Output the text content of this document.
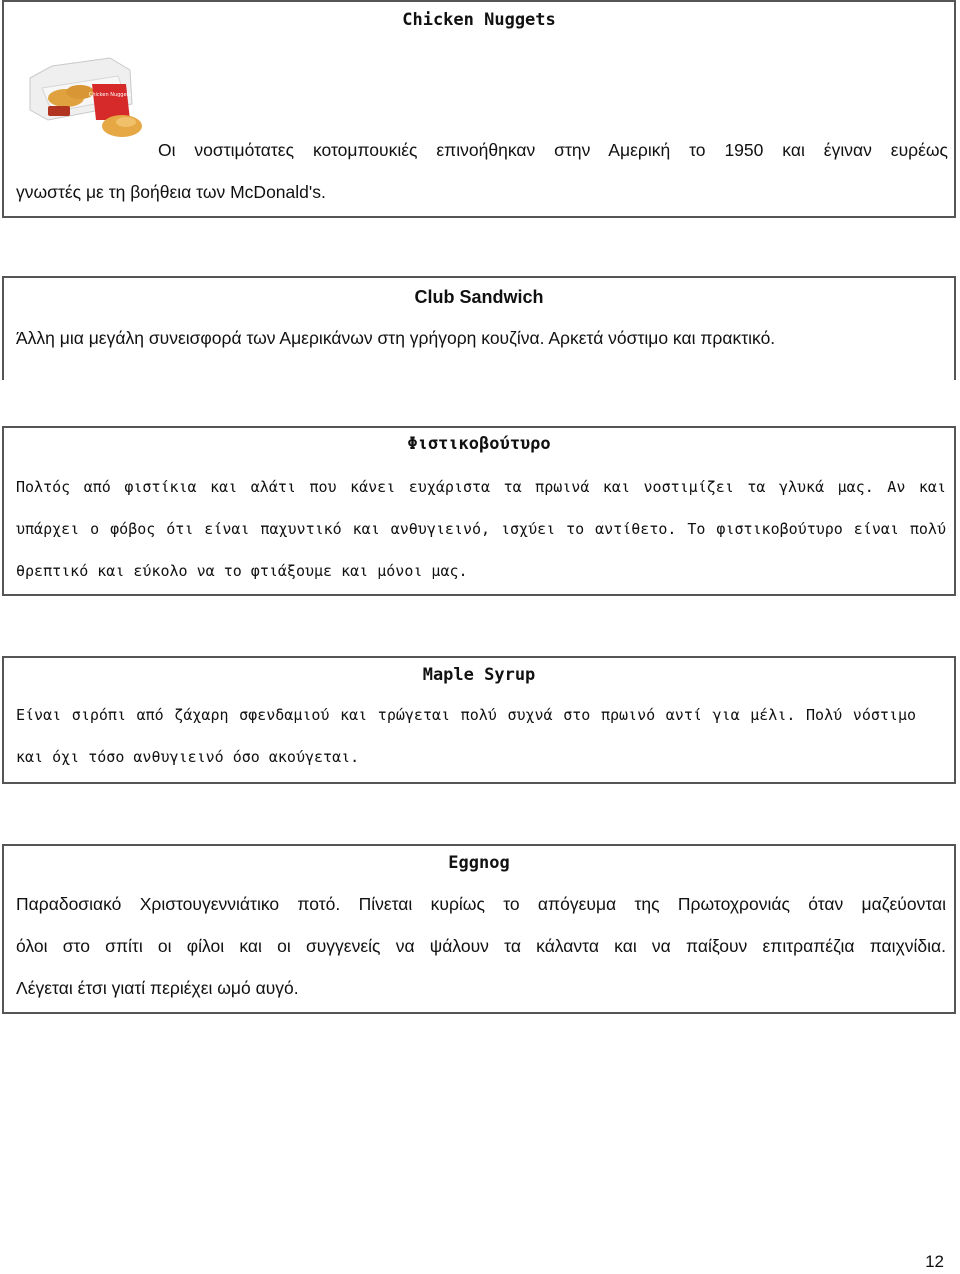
Chicken Nuggets
Chicken Nuggets
Οι νοστιμότατες κοτομπουκιές επινοήθηκαν στην Αμερική το 1950 και έγιναν ευρέως
γνωστές με τη βοήθεια των McDonald's.
Club Sandwich
Άλλη μια μεγάλη συνεισφορά των Αμερικάνων στη γρήγορη κουζίνα. Αρκετά νόστιμο και πρακτικό.
Φιστικοβούτυρο
Πολτός από φιστίκια και αλάτι που κάνει ευχάριστα τα πρωινά και νοστιμίζει τα γλυκά μας. Αν και
υπάρχει ο φόβος ότι είναι παχυντικό και ανθυγιεινό, ισχύει το αντίθετο. Το φιστικοβούτυρο είναι πολύ
θρεπτικό και εύκολο να το φτιάξουμε και μόνοι μας.
Maple Syrup
Είναι σιρόπι από ζάχαρη σφενδαμιού και τρώγεται πολύ συχνά στο πρωινό αντί για μέλι. Πολύ νόστιμο
και όχι τόσο ανθυγιεινό όσο ακούγεται.
Eggnog
Παραδοσιακό Χριστουγεννιάτικο ποτό. Πίνεται κυρίως το απόγευμα της Πρωτοχρονιάς όταν μαζεύονται
όλοι στο σπίτι οι φίλοι και οι συγγενείς να ψάλουν τα κάλαντα και να παίξουν επιτραπέζια παιχνίδια.
Λέγεται έτσι γιατί περιέχει ωμό αυγό.
12
